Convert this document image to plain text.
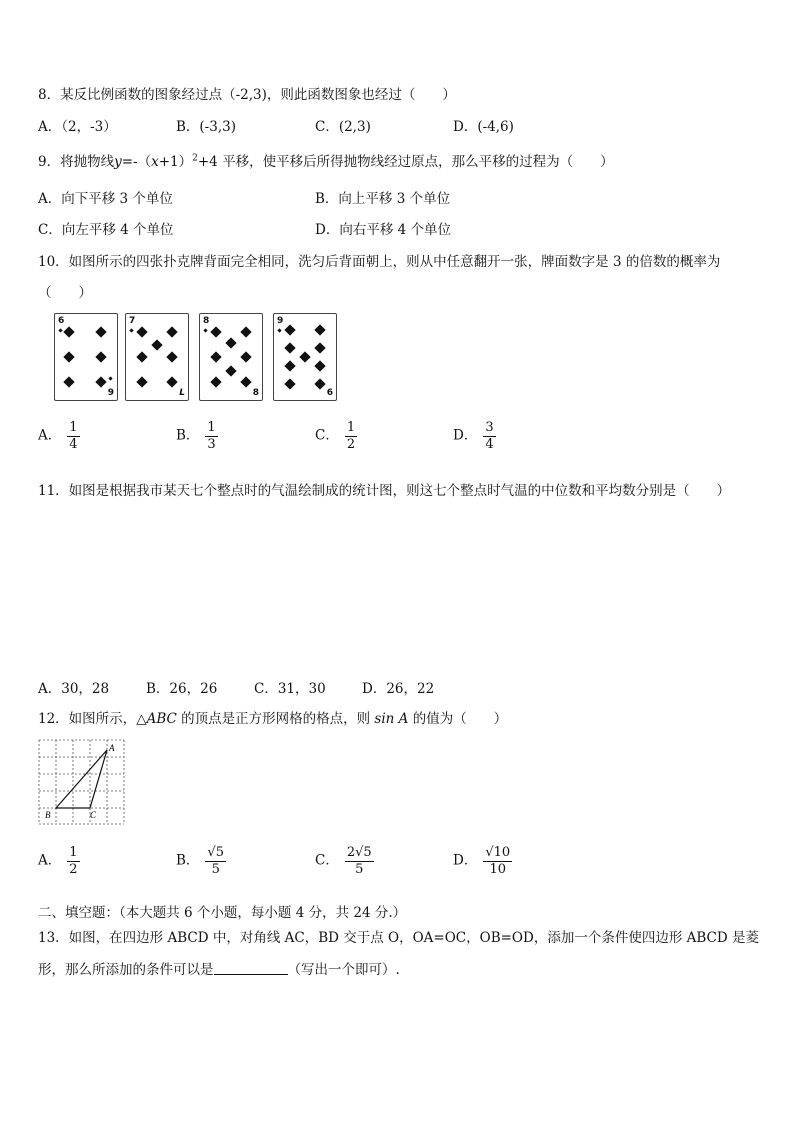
8．某反比例函数的图象经过点（-2,3)，则此函数图象也经过（　　）
A．（2，-3）	B．(-3,3)	C．(2,3)	D．(-4,6)
9．将抛物线$y=-(x+1)^2+4$ 平移，使平移后所得抛物线经过原点，那么平移的过程为（　　）
A．向下平移 3 个单位	B．向上平移 3 个单位
C．向左平移 4 个单位	D．向右平移 4 个单位
10．如图所示的四张扑克牌背面完全相同，洗匀后背面朝上，则从中任意翻开一张，牌面数字是 3 的倍数的概率为
（　　）
6
9
7
L
8
8
9
6
A． $\frac{1}{4}$	B． $\frac{1}{3}$	C． $\frac{1}{2}$	D． $\frac{3}{4}$
11．如图是根据我市某天七个整点时的气温绘制成的统计图，则这七个整点时气温的中位数和平均数分别是（　　）
A．30，28	B．26，26	C．31，30	D．26，22
12．如图所示，△ABC 的顶点是正方形网格的格点，则 sin A 的值为（　　）
A
B	C
A． $\frac{1}{2}$	B． $\frac{√5}{5}$	C． $\frac{2√5}{5}$	D． $\frac{√10}{10}$
二、填空题：（本大题共 6 个小题，每小题 4 分，共 24 分.）
13．如图，在四边形 ABCD 中，对角线 AC，BD 交于点 O，OA=OC，OB=OD，添加一个条件使四边形 ABCD 是菱
形，那么所添加的条件可以是	（写出一个即可）.
